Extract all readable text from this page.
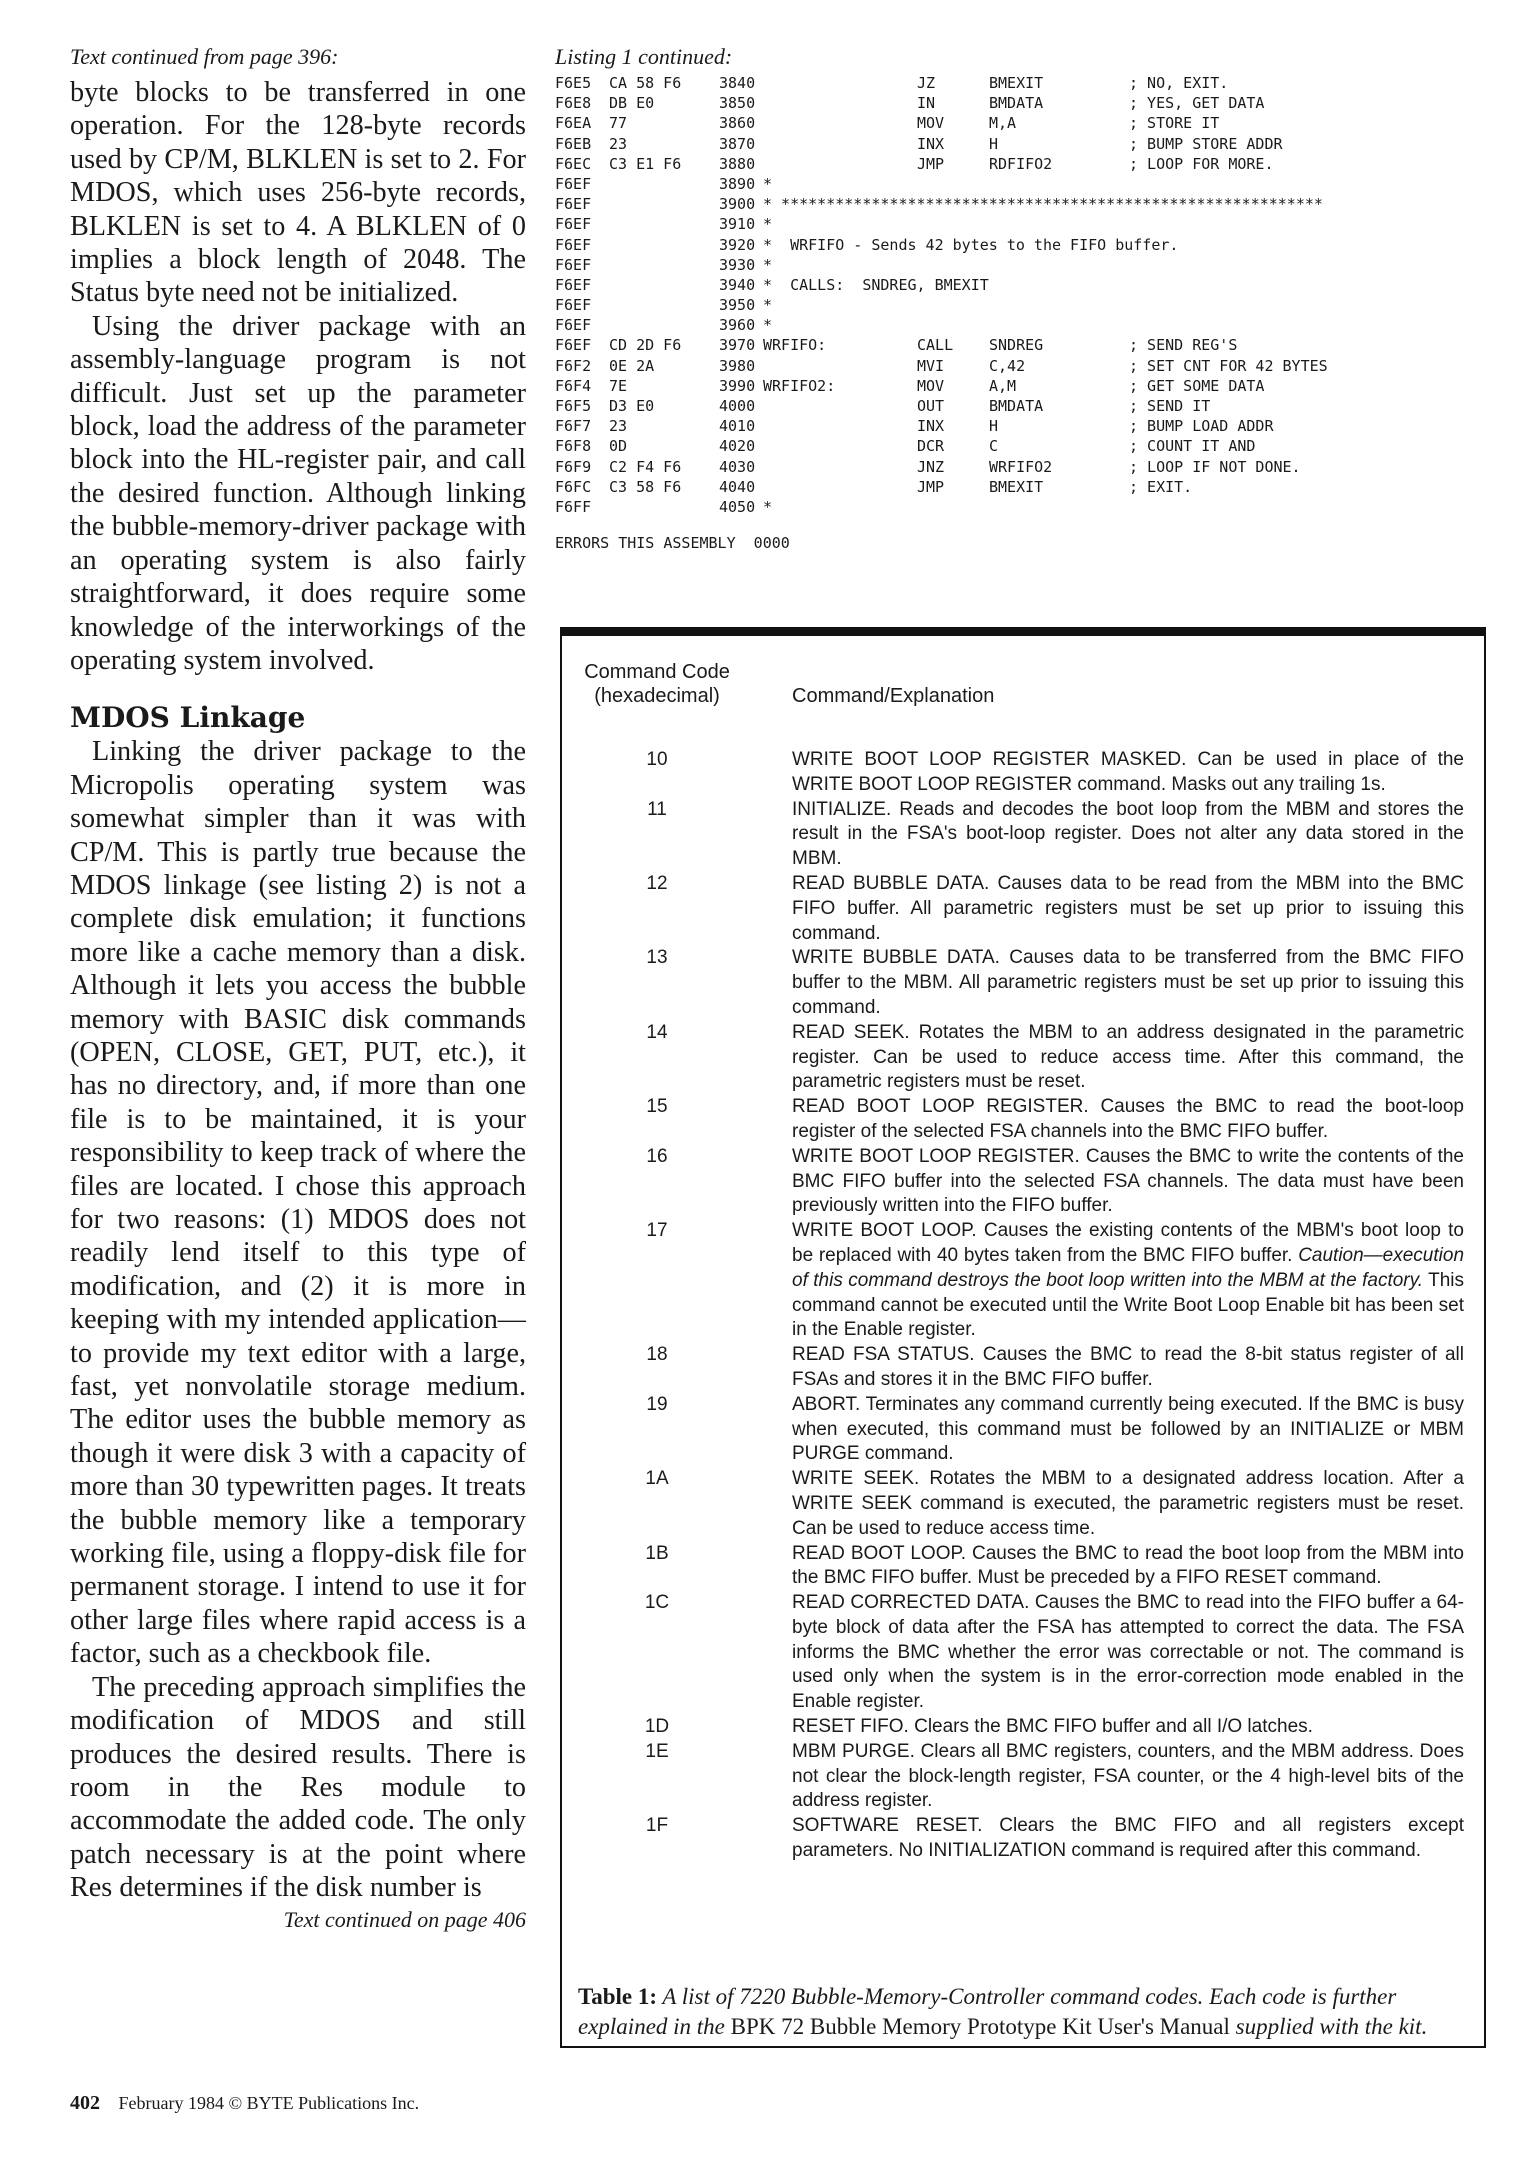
Text continued from page 396:

byte blocks to be transferred in one operation. For the 128-byte records used by CP/M, BLKLEN is set to 2. For MDOS, which uses 256-byte records, BLKLEN is set to 4. A BLKLEN of 0 implies a block length of 2048. The Status byte need not be initialized.

Using the driver package with an assembly-language program is not difficult. Just set up the parameter block, load the address of the parameter block into the HL-register pair, and call the desired function. Although linking the bubble-memory-driver package with an operating system is also fairly straightforward, it does require some knowledge of the interworkings of the operating system involved.

MDOS Linkage

Linking the driver package to the Micropolis operating system was somewhat simpler than it was with CP/M. This is partly true because the MDOS linkage (see listing 2) is not a complete disk emulation; it functions more like a cache memory than a disk. Although it lets you access the bubble memory with BASIC disk commands (OPEN, CLOSE, GET, PUT, etc.), it has no directory, and, if more than one file is to be maintained, it is your responsibility to keep track of where the files are located. I chose this approach for two reasons: (1) MDOS does not readily lend itself to this type of modification, and (2) it is more in keeping with my intended application—to provide my text editor with a large, fast, yet nonvolatile storage medium. The editor uses the bubble memory as though it were disk 3 with a capacity of more than 30 typewritten pages. It treats the bubble memory like a temporary working file, using a floppy-disk file for permanent storage. I intend to use it for other large files where rapid access is a factor, such as a checkbook file.

The preceding approach simplifies the modification of MDOS and still produces the desired results. There is room in the Res module to accommodate the added code. The only patch necessary is at the point where Res determines if the disk number is

Text continued on page 406

402 February 1984 © BYTE Publications Inc.
Listing 1 continued:
F6E5 CA 58 F6	3840	JZ	BMEXIT	; NO, EXIT.
F6E8 DB E0	3850	IN	BMDATA	; YES, GET DATA
F6EA 77	3860	MOV	M,A	; STORE IT
F6EB 23	3870	INX	H	; BUMP STORE ADDR
F6EC C3 E1 F6	3880	JMP	RDFIFO2	; LOOP FOR MORE.
F6EF	3890 *
F6EF	3900 * ************************************************************
F6EF	3910 *
F6EF	3920 *  WRFIFO - Sends 42 bytes to the FIFO buffer.
F6EF	3930 *
F6EF	3940 *  CALLS:  SNDREG, BMEXIT
F6EF	3950 *
F6EF	3960 *
F6EF CD 2D F6	3970 WRFIFO:	CALL SNDREG	; SEND REG'S
F6F2 0E 2A	3980	MVI	C,42	; SET CNT FOR 42 BYTES
F6F4 7E	3990 WRFIFO2:	MOV	A,M	; GET SOME DATA
F6F5 D3 E0	4000	OUT	BMDATA	; SEND IT
F6F7 23	4010	INX	H	; BUMP LOAD ADDR
F6F8 0D	4020	DCR	C	; COUNT IT AND
F6F9 C2 F4 F6	4030	JNZ	WRFIFO2	; LOOP IF NOT DONE.
F6FC C3 58 F6	4040	JMP	BMEXIT	; EXIT.
F6FF	4050 *
ERRORS THIS ASSEMBLY  0000
Command Code (hexadecimal)	Command/Explanation
10	WRITE BOOT LOOP REGISTER MASKED. Can be used in place of the WRITE BOOT LOOP REGISTER command. Masks out any trailing 1s.
11	INITIALIZE. Reads and decodes the boot loop from the MBM and stores the result in the FSA's boot-loop register. Does not alter any data stored in the MBM.
12	READ BUBBLE DATA. Causes data to be read from the MBM into the BMC FIFO buffer. All parametric registers must be set up prior to issuing this command.
13	WRITE BUBBLE DATA. Causes data to be transferred from the BMC FIFO buffer to the MBM. All parametric registers must be set up prior to issuing this command.
14	READ SEEK. Rotates the MBM to an address designated in the parametric register. Can be used to reduce access time. After this command, the parametric registers must be reset.
15	READ BOOT LOOP REGISTER. Causes the BMC to read the boot-loop register of the selected FSA channels into the BMC FIFO buffer.
16	WRITE BOOT LOOP REGISTER. Causes the BMC to write the contents of the BMC FIFO buffer into the selected FSA channels. The data must have been previously written into the FIFO buffer.
17	WRITE BOOT LOOP. Causes the existing contents of the MBM's boot loop to be replaced with 40 bytes taken from the BMC FIFO buffer. Caution—execution of this command destroys the boot loop written into the MBM at the factory. This command cannot be executed until the Write Boot Loop Enable bit has been set in the Enable register.
18	READ FSA STATUS. Causes the BMC to read the 8-bit status register of all FSAs and stores it in the BMC FIFO buffer.
19	ABORT. Terminates any command currently being executed. If the BMC is busy when executed, this command must be followed by an INITIALIZE or MBM PURGE command.
1A	WRITE SEEK. Rotates the MBM to a designated address location. After a WRITE SEEK command is executed, the parametric registers must be reset. Can be used to reduce access time.
1B	READ BOOT LOOP. Causes the BMC to read the boot loop from the MBM into the BMC FIFO buffer. Must be preceded by a FIFO RESET command.
1C	READ CORRECTED DATA. Causes the BMC to read into the FIFO buffer a 64-byte block of data after the FSA has attempted to correct the data. The FSA informs the BMC whether the error was correctable or not. The command is used only when the system is in the error-correction mode enabled in the Enable register.
1D	RESET FIFO. Clears the BMC FIFO buffer and all I/O latches.
1E	MBM PURGE. Clears all BMC registers, counters, and the MBM address. Does not clear the block-length register, FSA counter, or the 4 high-level bits of the address register.
1F	SOFTWARE RESET. Clears the BMC FIFO and all registers except parameters. No INITIALIZATION command is required after this command.
Table 1: A list of 7220 Bubble-Memory-Controller command codes. Each code is further explained in the BPK 72 Bubble Memory Prototype Kit User's Manual supplied with the kit.
